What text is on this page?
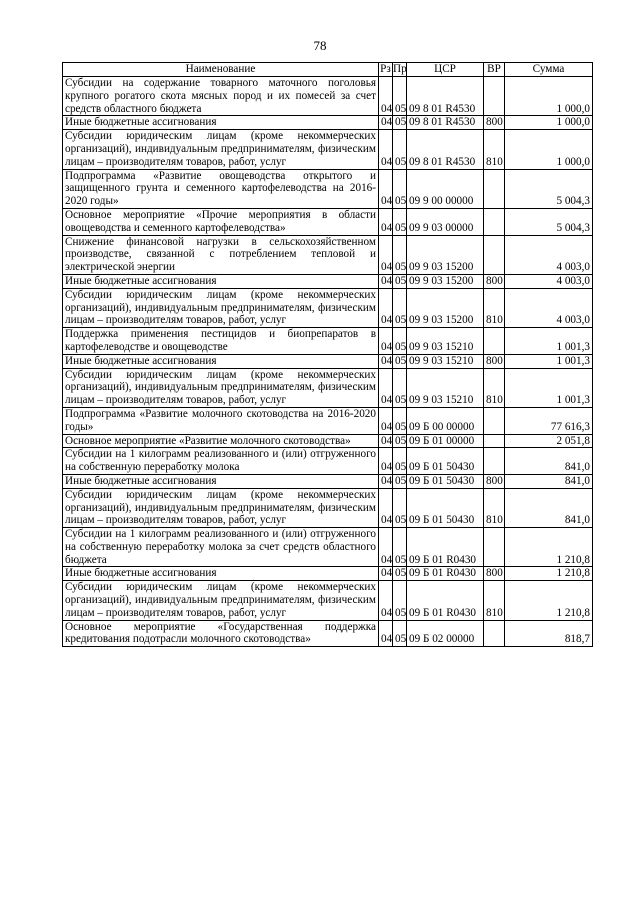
78
Наименование	Рз	Пр	ЦСР	ВР	Сумма
Субсидии на содержание товарного маточного поголовья крупного рогатого скота мясных пород и их помесей за счет средств областного бюджета	04	05	09 8 01 R4530		1 000,0
Иные бюджетные ассигнования	04	05	09 8 01 R4530	800	1 000,0
Субсидии юридическим лицам (кроме некоммерческих организаций), индивидуальным предпринимателям, физическим лицам – производителям товаров, работ, услуг	04	05	09 8 01 R4530	810	1 000,0
Подпрограмма «Развитие овощеводства открытого и защищенного грунта и семенного картофелеводства на 2016-2020 годы»	04	05	09 9 00 00000		5 004,3
Основное мероприятие «Прочие мероприятия в области овощеводства и семенного картофелеводства»	04	05	09 9 03 00000		5 004,3
Снижение финансовой нагрузки в сельскохозяйственном производстве, связанной с потреблением тепловой и электрической энергии	04	05	09 9 03 15200		4 003,0
Иные бюджетные ассигнования	04	05	09 9 03 15200	800	4 003,0
Субсидии юридическим лицам (кроме некоммерческих организаций), индивидуальным предпринимателям, физическим лицам – производителям товаров, работ, услуг	04	05	09 9 03 15200	810	4 003,0
Поддержка применения пестицидов и биопрепаратов в картофелеводстве и овощеводстве	04	05	09 9 03 15210		1 001,3
Иные бюджетные ассигнования	04	05	09 9 03 15210	800	1 001,3
Субсидии юридическим лицам (кроме некоммерческих организаций), индивидуальным предпринимателям, физическим лицам – производителям товаров, работ, услуг	04	05	09 9 03 15210	810	1 001,3
Подпрограмма «Развитие молочного скотоводства на 2016-2020 годы»	04	05	09 Б 00 00000		77 616,3
Основное мероприятие «Развитие молочного скотоводства»	04	05	09 Б 01 00000		2 051,8
Субсидии на 1 килограмм реализованного и (или) отгруженного на собственную переработку молока	04	05	09 Б 01 50430		841,0
Иные бюджетные ассигнования	04	05	09 Б 01 50430	800	841,0
Субсидии юридическим лицам (кроме некоммерческих организаций), индивидуальным предпринимателям, физическим лицам – производителям товаров, работ, услуг	04	05	09 Б 01 50430	810	841,0
Субсидии на 1 килограмм реализованного и (или) отгруженного на собственную переработку молока за счет средств областного бюджета	04	05	09 Б 01 R0430		1 210,8
Иные бюджетные ассигнования	04	05	09 Б 01 R0430	800	1 210,8
Субсидии юридическим лицам (кроме некоммерческих организаций), индивидуальным предпринимателям, физическим лицам – производителям товаров, работ, услуг	04	05	09 Б 01 R0430	810	1 210,8
Основное мероприятие «Государственная поддержка кредитования подотрасли молочного скотоводства»	04	05	09 Б 02 00000		818,7
